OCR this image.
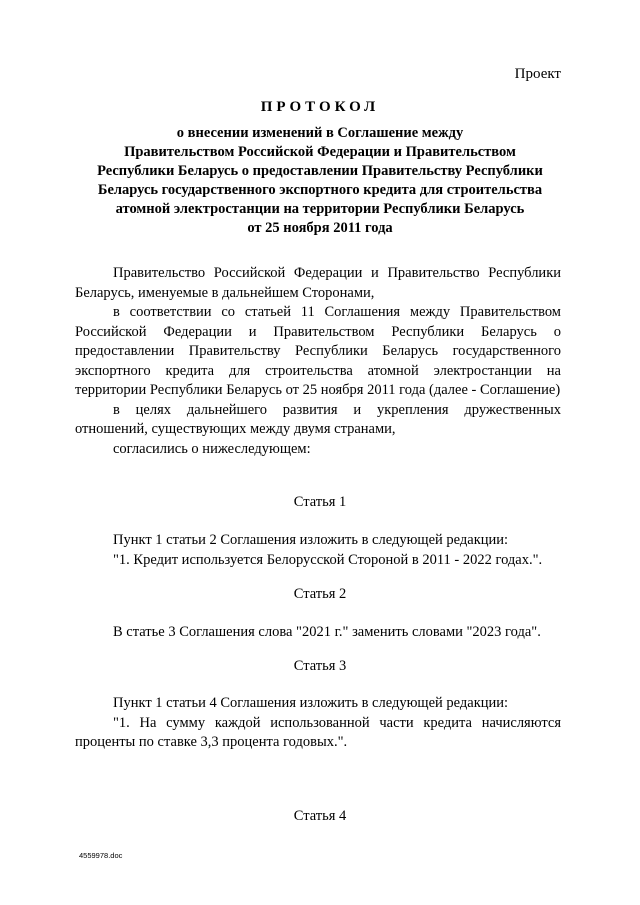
Проект
ПРОТОКОЛ
о внесении изменений в Соглашение между
Правительством Российской Федерации и Правительством
Республики Беларусь о предоставлении Правительству Республики
Беларусь государственного экспортного кредита для строительства
атомной электростанции на территории Республики Беларусь
от 25 ноября 2011 года

Правительство Российской Федерации и Правительство Республики Беларусь, именуемые в дальнейшем Сторонами,

в соответствии со статьей 11 Соглашения между Правительством Российской Федерации и Правительством Республики Беларусь о предоставлении Правительству Республики Беларусь государственного экспортного кредита для строительства атомной электростанции на территории Республики Беларусь от 25 ноября 2011 года (далее - Соглашение)

в целях дальнейшего развития и укрепления дружественных отношений, существующих между двумя странами,

согласились о нижеследующем:

Статья 1

Пункт 1 статьи 2 Соглашения изложить в следующей редакции:

"1. Кредит используется Белорусской Стороной в 2011 - 2022 годах.".

Статья 2

В статье 3 Соглашения слова "2021 г." заменить словами "2023 года".

Статья 3

Пункт 1 статьи 4 Соглашения изложить в следующей редакции:

"1. На сумму каждой использованной части кредита начисляются проценты по ставке 3,3 процента годовых.".

Статья 4
4559978.doc
